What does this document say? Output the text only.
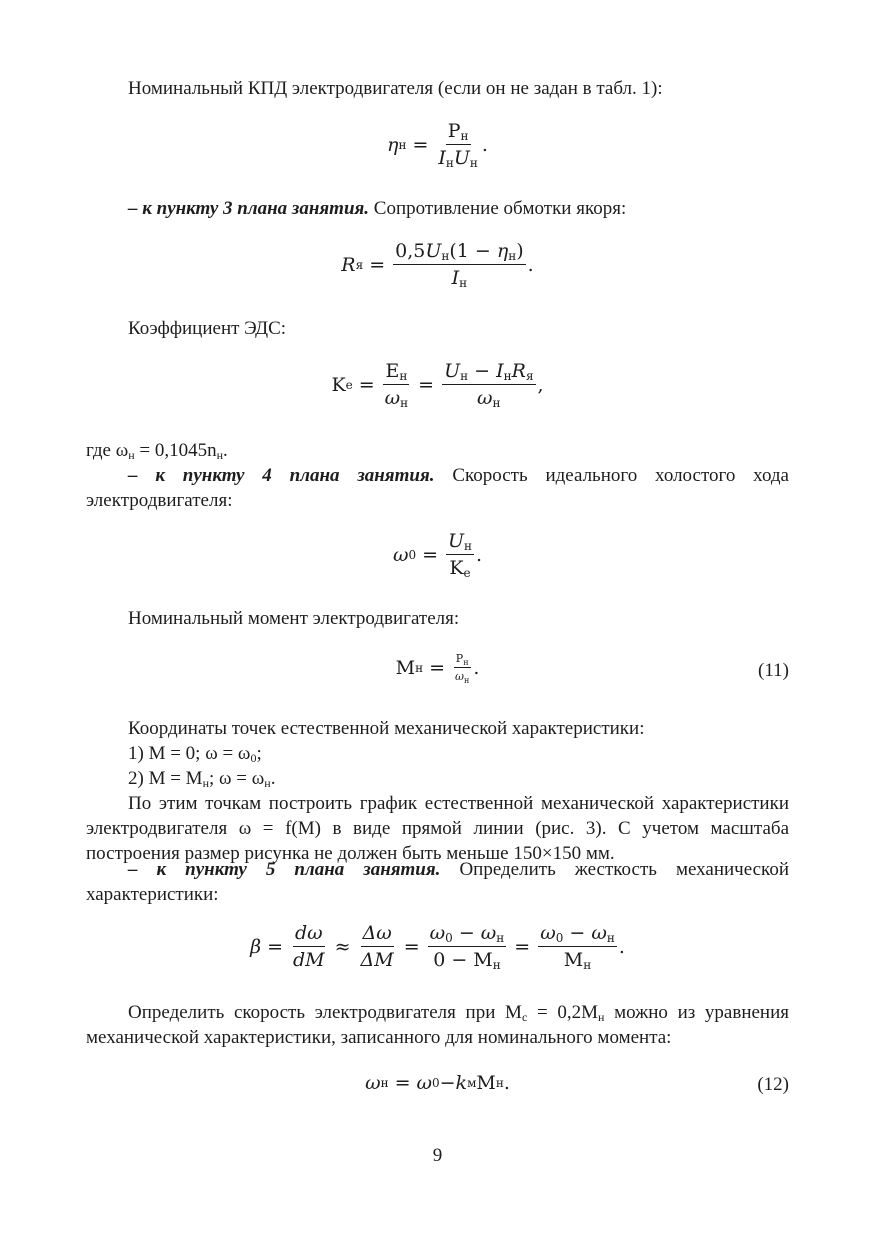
Номинальный КПД электродвигателя (если он не задан в табл. 1):

η $н = \frac{P_н}{I_нU_н}$ .

– к пункту 3 плана занятия. Сопротивление обмотки якоря:

R $я = \frac{0,5U_н(1 - \eta_н)}{I_н}$ .

Коэффициент ЭДС:

K $e = \frac{E_н}{\omega_н} = \frac{U_н - I_нR_я}{\omega_н}$ ,

где $\omega_н = 0,1045n_н$.

– к пункту 4 плана занятия. Скорость идеального холостого хода электродвигателя:

ω $0 = \frac{U_н}{K_e}$ .

Номинальный момент электродвигателя:

M $н = \frac{P_н}{\omega_н}$ .	(11)

Координаты точек естественной механической характеристики:

1) M = 0; $\omega = \omega_0$;

2) $M = M_н$; $\omega = \omega_н$.

По этим точкам построить график естественной механической характеристики электродвигателя ω = f(M) в виде прямой линии (рис. 3). С учетом масштаба построения размер рисунка не должен быть меньше 150×150 мм.

– к пункту 5 плана занятия. Определить жесткость механической характеристики:

$\beta = \frac{d\omega}{dM} \approx \frac{\Delta\omega}{\Delta M} = \frac{\omega_0 - \omega_н}{0 - M_н} = \frac{\omega_0 - \omega_н}{M_н}$ .

Определить скорость электродвигателя при $M_c = 0,2M_н$ можно из уравнения механической характеристики, записанного для номинального момента:

ω н = ω 0 − k м M н .	(12)
9
